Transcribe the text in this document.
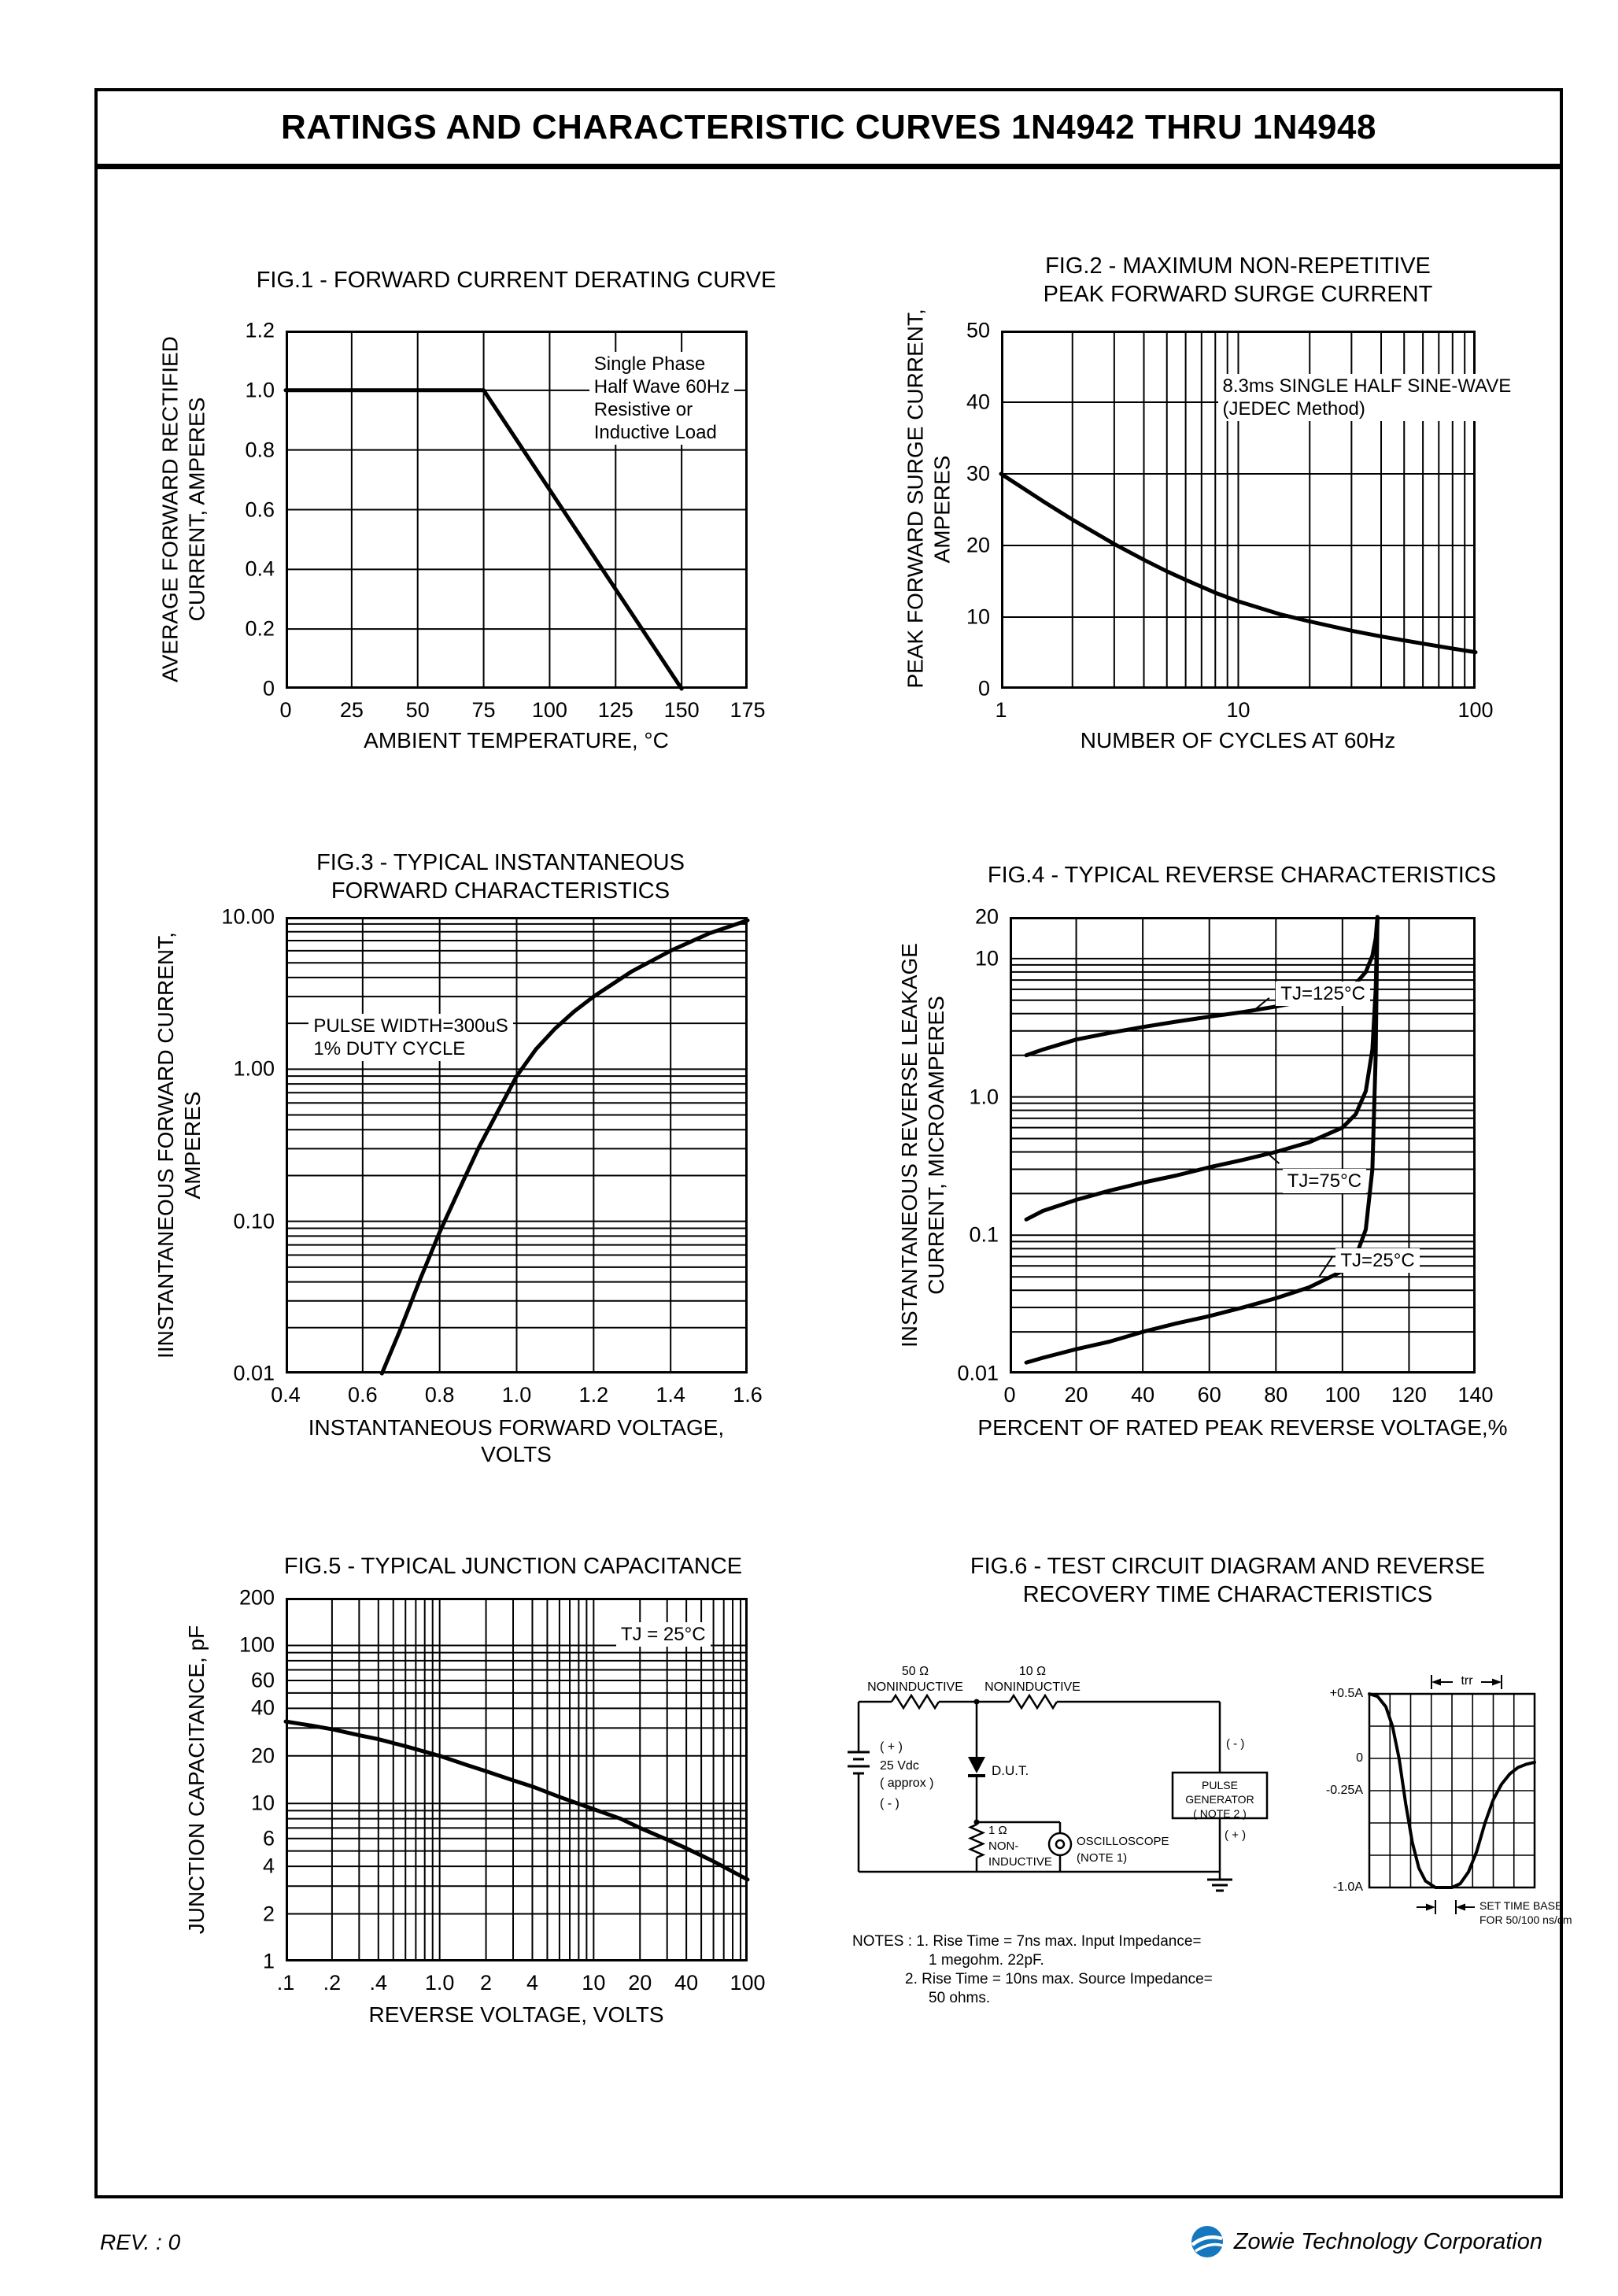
RATINGS AND CHARACTERISTIC CURVES 1N4942 THRU 1N4948
FIG.1 - FORWARD CURRENT DERATING CURVE
0 25 50 75 100 125 150 175
0
0.2
0.4
0.6
0.8
1.0
1.2
AMBIENT TEMPERATURE, °C
AVERAGE FORWARD RECTIFIED CURRENT, AMPERES
Single Phase
Half Wave 60Hz
Resistive or
Inductive Load
FIG.2 - MAXIMUM NON-REPETITIVE
PEAK FORWARD SURGE CURRENT
1	10	100
0
10
20
30
40
50
NUMBER OF CYCLES AT 60Hz
PEAK FORWARD SURGE CURRENT, AMPERES
8.3ms SINGLE HALF SINE-WAVE
(JEDEC Method)
FIG.3 - TYPICAL INSTANTANEOUS
FORWARD CHARACTERISTICS
0.4 0.6 0.8 1.0 1.2 1.4 1.6
10.00
1.00
0.10
0.01
INSTANTANEOUS FORWARD VOLTAGE,
VOLTS
IINSTANTANEOUS FORWARD CURRENT, AMPERES
PULSE WIDTH=300uS
1% DUTY CYCLE
FIG.4 - TYPICAL REVERSE CHARACTERISTICS
0 20 40 60 80 100 120 140
20
10
1.0
0.1
0.01
PERCENT OF RATED PEAK REVERSE VOLTAGE,%
INSTANTANEOUS REVERSE LEAKAGE CURRENT, MICROAMPERES
TJ=125°C
TJ=75°C
TJ=25°C
FIG.5 - TYPICAL JUNCTION CAPACITANCE
.1 .2 .4 1.0 2 4 10 20 40 100
200
100
60
40
20
10
6
4
2
1
REVERSE VOLTAGE, VOLTS
JUNCTION CAPACITANCE, pF	TJ = 25°C
FIG.6 - TEST CIRCUIT DIAGRAM AND REVERSE
RECOVERY TIME CHARACTERISTICS
50 Ω
NONINDUCTIVE
10 Ω
NONINDUCTIVE
( + )
25 Vdc
( approx )
( - )
D.U.T.
1 Ω
NON-
INDUCTIVE
OSCILLOSCOPE
(NOTE 1)
PULSE
GENERATOR
( NOTE 2 )
( - )
( + )
NOTES : 1. Rise Time = 7ns max. Input Impedance=
1 megohm. 22pF.
2. Rise Time = 10ns max. Source Impedance=
50 ohms.
+0.5A
0
-0.25A
-1.0A
trr
SET TIME BASE
FOR 50/100 ns/cm
REV. : 0	Zowie Technology Corporation
